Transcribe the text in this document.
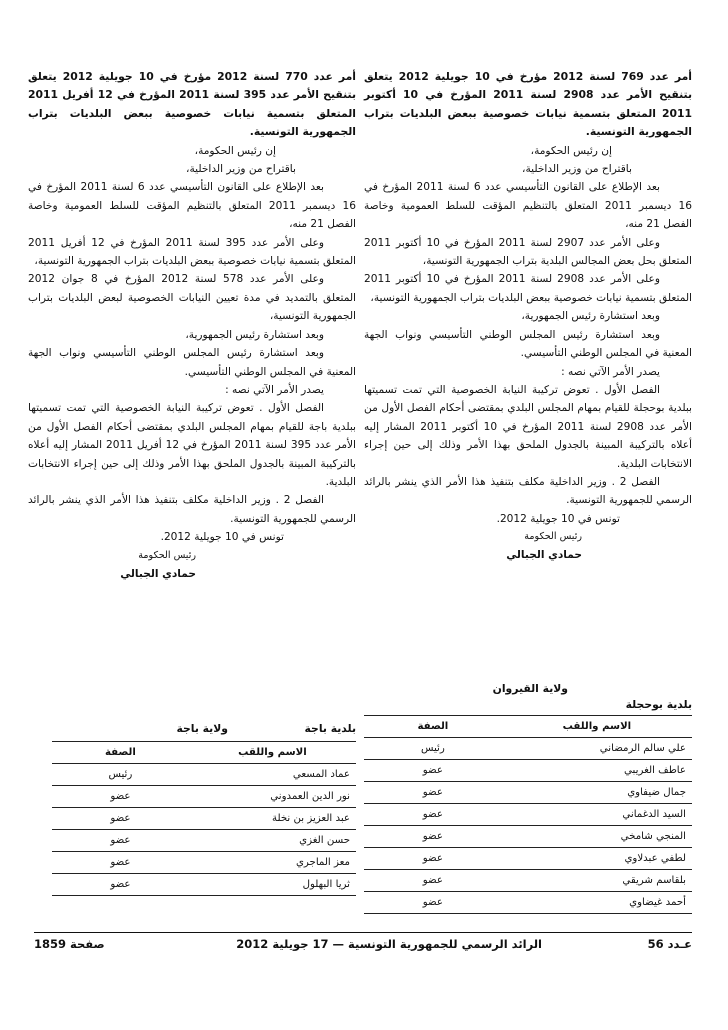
أمر عدد 769 لسنة 2012 مؤرخ في 10 جويلية 2012 يتعلق بتنقيح الأمر عدد 2908 لسنة 2011 المؤرخ في 10 أكتوبر 2011 المتعلق بتسمية نيابات خصوصية ببعض البلديات بتراب الجمهورية التونسية.

إن رئيس الحكومة،

باقتراح من وزير الداخلية،

بعد الإطلاع على القانون التأسيسي عدد 6 لسنة 2011 المؤرخ في 16 ديسمبر 2011 المتعلق بالتنظيم المؤقت للسلط العمومية وخاصة الفصل 21 منه،

وعلى الأمر عدد 2907 لسنة 2011 المؤرخ في 10 أكتوبر 2011 المتعلق بحل بعض المجالس البلدية بتراب الجمهورية التونسية،

وعلى الأمر عدد 2908 لسنة 2011 المؤرخ في 10 أكتوبر 2011 المتعلق بتسمية نيابات خصوصية ببعض البلديات بتراب الجمهورية التونسية،

وبعد استشارة رئيس الجمهورية،

وبعد استشارة رئيس المجلس الوطني التأسيسي ونواب الجهة المعنية في المجلس الوطني التأسيسي.

يصدر الأمر الآتي نصه :

الفصل الأول . تعوض تركيبة النيابة الخصوصية التي تمت تسميتها ببلدية بوحجلة للقيام بمهام المجلس البلدي بمقتضى أحكام الفصل الأول من الأمر عدد 2908 لسنة 2011 المؤرخ في 10 أكتوبر 2011 المشار إليه أعلاه بالتركيبة المبينة بالجدول الملحق بهذا الأمر وذلك إلى حين إجراء الانتخابات البلدية.

الفصل 2 . وزير الداخلية مكلف بتنفيذ هذا الأمر الذي ينشر بالرائد الرسمي للجمهورية التونسية.

تونس في 10 جويلية 2012.

رئيس الحكومة

حمادي الجبالي

أمر عدد 770 لسنة 2012 مؤرخ في 10 جويلية 2012 يتعلق بتنقيح الأمر عدد 395 لسنة 2011 المؤرخ في 12 أفريل 2011 المتعلق بتسمية نيابات خصوصية ببعض البلديات بتراب الجمهورية التونسية.

إن رئيس الحكومة،

باقتراح من وزير الداخلية،

بعد الإطلاع على القانون التأسيسي عدد 6 لسنة 2011 المؤرخ في 16 ديسمبر 2011 المتعلق بالتنظيم المؤقت للسلط العمومية وخاصة الفصل 21 منه،

وعلى الأمر عدد 395 لسنة 2011 المؤرخ في 12 أفريل 2011 المتعلق بتسمية نيابات خصوصية ببعض البلديات بتراب الجمهورية التونسية،

وعلى الأمر عدد 578 لسنة 2012 المؤرخ في 8 جوان 2012 المتعلق بالتمديد في مدة تعيين النيابات الخصوصية لبعض البلديات بتراب الجمهورية التونسية،

وبعد استشارة رئيس الجمهورية،

وبعد استشارة رئيس المجلس الوطني التأسيسي ونواب الجهة المعنية في المجلس الوطني التأسيسي.

يصدر الأمر الآتي نصه :

الفصل الأول . تعوض تركيبة النيابة الخصوصية التي تمت تسميتها ببلدية باجة للقيام بمهام المجلس البلدي بمقتضى أحكام الفصل الأول من الأمر عدد 395 لسنة 2011 المؤرخ في 12 أفريل 2011 المشار إليه أعلاه بالتركيبة المبينة بالجدول الملحق بهذا الأمر وذلك إلى حين إجراء الانتخابات البلدية.

الفصل 2 . وزير الداخلية مكلف بتنفيذ هذا الأمر الذي ينشر بالرائد الرسمي للجمهورية التونسية.

تونس في 10 جويلية 2012.

رئيس الحكومة

حمادي الجبالي

ولاية القيروان
بلدية بوحجلة
الاسم واللقب	الصفة
علي سالم الرمضاني	رئيس
عاطف الغريبي	عضو
جمال ضيفاوي	عضو
السيد الدغماني	عضو
المنجي شامخي	عضو
لطفي عبدلاوي	عضو
بلقاسم شريقي	عضو
أحمد غيضاوي	عضو
ولاية باجة	بلدية باجة
الاسم واللقب	الصفة
عماد المسعي	رئيس
نور الدين العمدوني	عضو
عبد العزيز بن نخلة	عضو
حسن الغزي	عضو
معز الماجري	عضو
ثريا البهلول	عضو
عـدد 56
الرائد الرسمي للجمهورية التونسية — 17 جويلية 2012
صفحة 1859
